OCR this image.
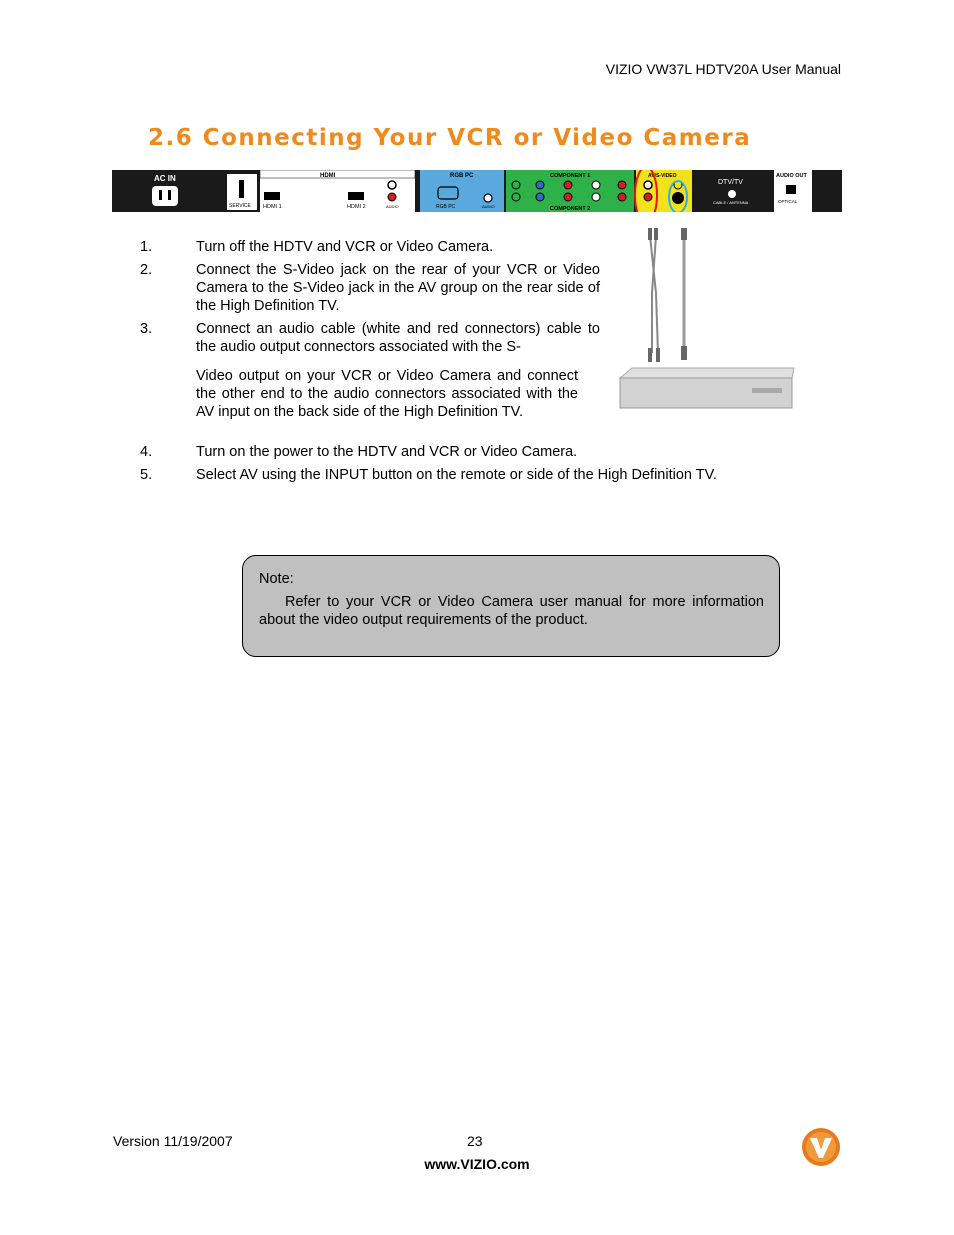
VIZIO VW37L HDTV20A User Manual
2.6 Connecting Your VCR or Video Camera
AC IN
SERVICE
HDMI
HDMI 1	HDMI 2	AUDIO
RGB PC
RGB PC	AUDIO
COMPONENT 1
COMPONENT 2
AV/S-VIDEO
DTV/TV
CABLE / ANTENNA
AUDIO OUT
OPTICAL
1.	Turn off the HDTV and VCR or Video Camera.
2.	Connect the S-Video jack on the rear of your VCR or Video Camera to the S-Video jack in the AV group on the rear side of the High Definition TV.
3.	Connect an audio cable (white and red connectors) cable to the audio output connectors associated with the S-
Video output on your VCR or Video Camera and connect the other end to the audio connectors associated with the AV input on the back side of the High Definition TV.
4.	Turn on the power to the HDTV and VCR or Video Camera.
5.	Select AV using the INPUT button on the remote or side of the High Definition TV.
Note:
Refer to your VCR or Video Camera user manual for more information about the video output requirements of the product.
Version 11/19/2007	23
www.VIZIO.com
